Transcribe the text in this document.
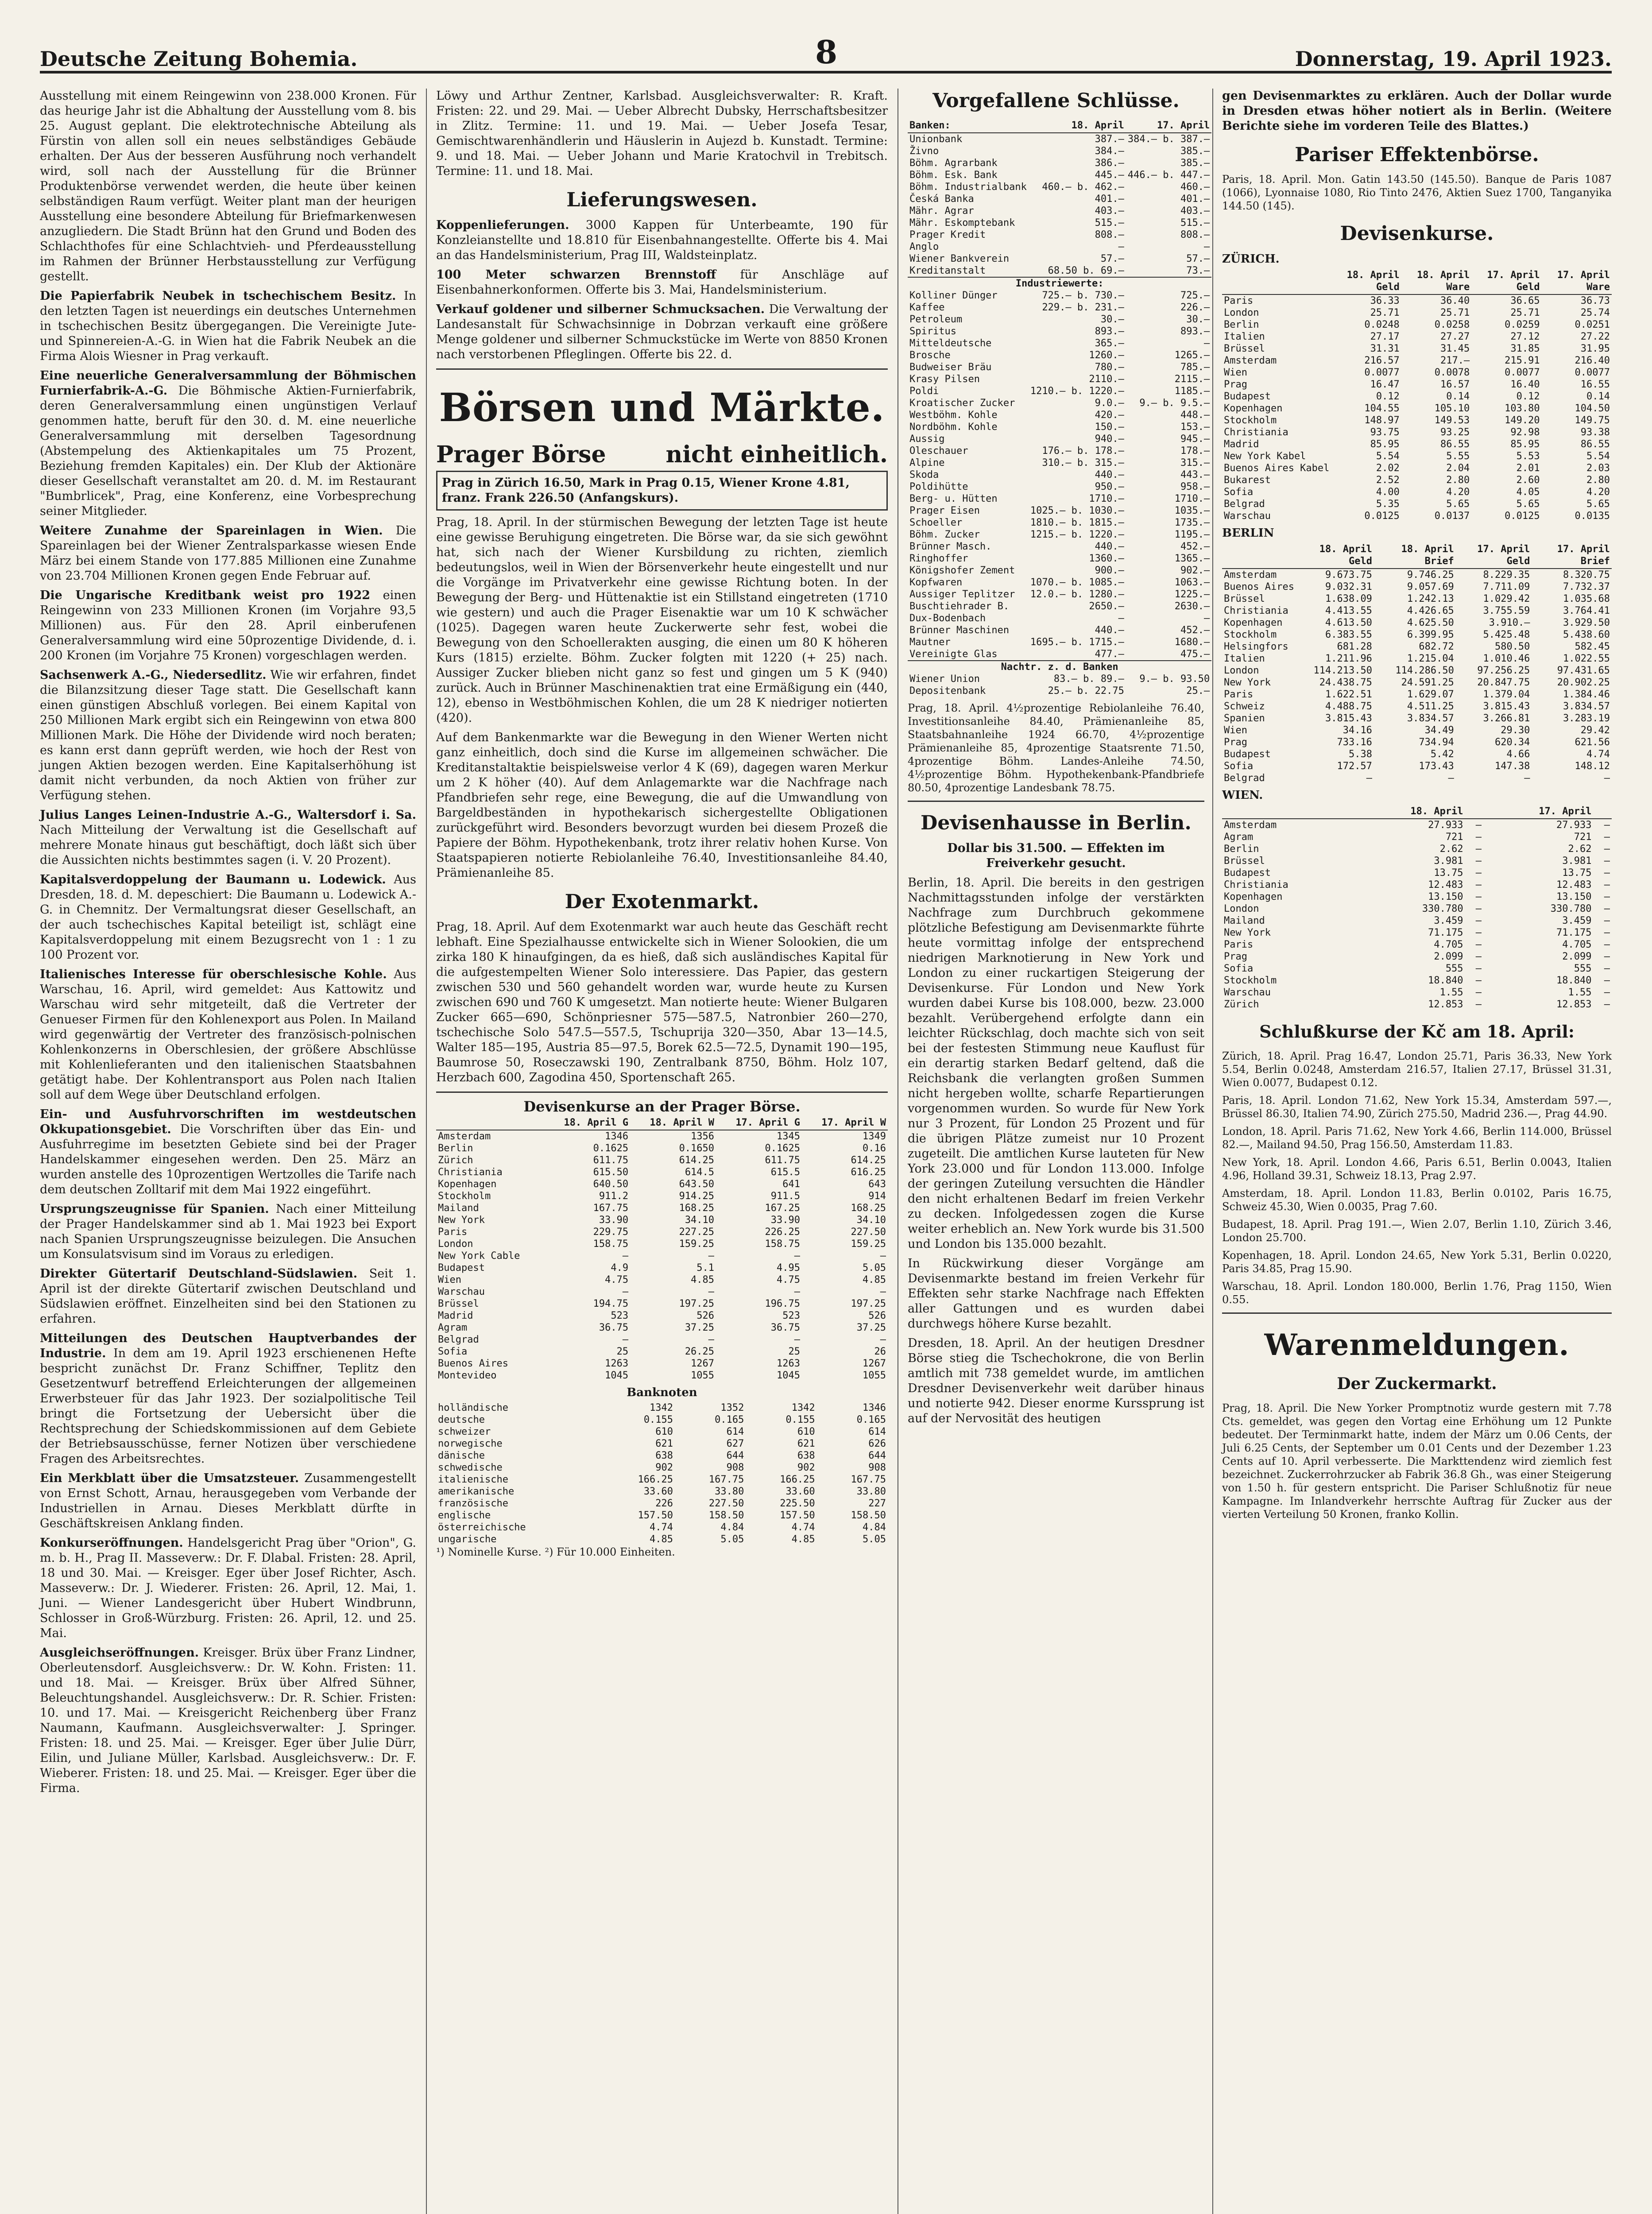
Deutsche Zeitung Bohemia.	8	Donnerstag, 19. April 1923.

Ausstellung mit einem Reingewinn von 238.000 Kronen. Für das heurige Jahr ist die Abhaltung der Ausstellung vom 8. bis 25. August geplant. Die elektrotechnische Abteilung als Fürstin von allen soll ein neues selbständiges Gebäude erhalten. Der Aus der besseren Ausführung noch verhandelt wird, soll nach der Ausstellung für die Brünner Produktenbörse verwendet werden, die heute über keinen selbständigen Raum verfügt. Weiter plant man der heurigen Ausstellung eine besondere Abteilung für Briefmarkenwesen anzugliedern. Die Stadt Brünn hat den Grund und Boden des Schlachthofes für eine Schlachtvieh- und Pferdeausstellung im Rahmen der Brünner Herbstausstellung zur Verfügung gestellt.

Die Papierfabrik Neubek in tschechischem Besitz. In den letzten Tagen ist neuerdings ein deutsches Unternehmen in tschechischen Besitz übergegangen. Die Vereinigte Jute- und Spinnereien-A.-G. in Wien hat die Fabrik Neubek an die Firma Alois Wiesner in Prag verkauft.

Eine neuerliche Generalversammlung der Böhmischen Furnierfabrik-A.-G. Die Böhmische Aktien-Furnierfabrik, deren Generalversammlung einen ungünstigen Verlauf genommen hatte, beruft für den 30. d. M. eine neuerliche Generalversammlung mit derselben Tagesordnung (Abstempelung des Aktienkapitales um 75 Prozent, Beziehung fremden Kapitales) ein. Der Klub der Aktionäre dieser Gesellschaft veranstaltet am 20. d. M. im Restaurant "Bumbrlicek", Prag, eine Konferenz, eine Vorbesprechung seiner Mitglieder.

Weitere Zunahme der Spareinlagen in Wien. Die Spareinlagen bei der Wiener Zentralsparkasse wiesen Ende März bei einem Stande von 177.885 Millionen eine Zunahme von 23.704 Millionen Kronen gegen Ende Februar auf.

Die Ungarische Kreditbank weist pro 1922 einen Reingewinn von 233 Millionen Kronen (im Vorjahre 93,5 Millionen) aus. Für den 28. April einberufenen Generalversammlung wird eine 50prozentige Dividende, d. i. 200 Kronen (im Vorjahre 75 Kronen) vorgeschlagen werden.

Sachsenwerk A.-G., Niedersedlitz. Wie wir erfahren, findet die Bilanzsitzung dieser Tage statt. Die Gesellschaft kann einen günstigen Abschluß vorlegen. Bei einem Kapital von 250 Millionen Mark ergibt sich ein Reingewinn von etwa 800 Millionen Mark. Die Höhe der Dividende wird noch beraten; es kann erst dann geprüft werden, wie hoch der Rest von jungen Aktien bezogen werden. Eine Kapitalserhöhung ist damit nicht verbunden, da noch Aktien von früher zur Verfügung stehen.

Julius Langes Leinen-Industrie A.-G., Waltersdorf i. Sa. Nach Mitteilung der Verwaltung ist die Gesellschaft auf mehrere Monate hinaus gut beschäftigt, doch läßt sich über die Aussichten nichts bestimmtes sagen (i. V. 20 Prozent).

Kapitalsverdoppelung der Baumann u. Lodewick. Aus Dresden, 18. d. M. depeschiert: Die Baumann u. Lodewick A.-G. in Chemnitz. Der Vermaltungsrat dieser Gesellschaft, an der auch tschechisches Kapital beteiligt ist, schlägt eine Kapitalsverdoppelung mit einem Bezugsrecht von 1 : 1 zu 100 Prozent vor.

Italienisches Interesse für oberschlesische Kohle. Aus Warschau, 16. April, wird gemeldet: Aus Kattowitz und Warschau wird sehr mitgeteilt, daß die Vertreter der Genueser Firmen für den Kohlenexport aus Polen. In Mailand wird gegenwärtig der Vertreter des französisch-polnischen Kohlenkonzerns in Oberschlesien, der größere Abschlüsse mit Kohlenlieferanten und den italienischen Staatsbahnen getätigt habe. Der Kohlentransport aus Polen nach Italien soll auf dem Wege über Deutschland erfolgen.

Ein- und Ausfuhrvorschriften im westdeutschen Okkupationsgebiet. Die Vorschriften über das Ein- und Ausfuhrregime im besetzten Gebiete sind bei der Prager Handelskammer eingesehen werden. Den 25. März an wurden anstelle des 10prozentigen Wertzolles die Tarife nach dem deutschen Zolltarif mit dem Mai 1922 eingeführt.

Ursprungszeugnisse für Spanien. Nach einer Mitteilung der Prager Handelskammer sind ab 1. Mai 1923 bei Export nach Spanien Ursprungszeugnisse beizulegen. Die Ansuchen um Konsulatsvisum sind im Voraus zu erledigen.

Direkter Gütertarif Deutschland-Südslawien. Seit 1. April ist der direkte Gütertarif zwischen Deutschland und Südslawien eröffnet. Einzelheiten sind bei den Stationen zu erfahren.

Mitteilungen des Deutschen Hauptverbandes der Industrie. In dem am 19. April 1923 erschienenen Hefte bespricht zunächst Dr. Franz Schiffner, Teplitz den Gesetzentwurf betreffend Erleichterungen der allgemeinen Erwerbsteuer für das Jahr 1923. Der sozialpolitische Teil bringt die Fortsetzung der Uebersicht über die Rechtsprechung der Schiedskommissionen auf dem Gebiete der Betriebsausschüsse, ferner Notizen über verschiedene Fragen des Arbeitsrechtes.

Ein Merkblatt über die Umsatzsteuer. Zusammengestellt von Ernst Schott, Arnau, herausgegeben vom Verbande der Industriellen in Arnau. Dieses Merkblatt dürfte in Geschäftskreisen Anklang finden.

Konkurseröffnungen. Handelsgericht Prag über "Orion", G. m. b. H., Prag II. Masseverw.: Dr. F. Dlabal. Fristen: 28. April, 18 und 30. Mai. — Kreisger. Eger über Josef Richter, Asch. Masseverw.: Dr. J. Wiederer. Fristen: 26. April, 12. Mai, 1. Juni. — Wiener Landesgericht über Hubert Windbrunn, Schlosser in Groß-Würzburg. Fristen: 26. April, 12. und 25. Mai.

Ausgleichseröffnungen. Kreisger. Brüx über Franz Lindner, Oberleutensdorf. Ausgleichsverw.: Dr. W. Kohn. Fristen: 11. und 18. Mai. — Kreisger. Brüx über Alfred Sühner, Beleuchtungshandel. Ausgleichsverw.: Dr. R. Schier. Fristen: 10. und 17. Mai. — Kreisgericht Reichenberg über Franz Naumann, Kaufmann. Ausgleichsverwalter: J. Springer. Fristen: 18. und 25. Mai. — Kreisger. Eger über Julie Dürr, Eilin, und Juliane Müller, Karlsbad. Ausgleichsverw.: Dr. F. Wieberer. Fristen: 18. und 25. Mai. — Kreisger. Eger über die Firma.

Löwy und Arthur Zentner, Karlsbad. Ausgleichsverwalter: R. Kraft. Fristen: 22. und 29. Mai. — Ueber Albrecht Dubsky, Herrschaftsbesitzer in Zlitz. Termine: 11. und 19. Mai. — Ueber Josefa Tesar, Gemischtwarenhändlerin und Häuslerin in Aujezd b. Kunstadt. Termine: 9. und 18. Mai. — Ueber Johann und Marie Kratochvil in Trebitsch. Termine: 11. und 18. Mai.

Lieferungswesen.

Koppenlieferungen. 3000 Kappen für Unterbeamte, 190 für Konzleianstellte und 18.810 für Eisenbahnangestellte. Offerte bis 4. Mai an das Handelsministerium, Prag III, Waldsteinplatz.

100 Meter schwarzen Brennstoff für Anschläge auf Eisenbahnerkonformen. Offerte bis 3. Mai, Handelsministerium.

Verkauf goldener und silberner Schmucksachen. Die Verwaltung der Landesanstalt für Schwachsinnige in Dobrzan verkauft eine größere Menge goldener und silberner Schmuckstücke im Werte von 8850 Kronen nach verstorbenen Pfleglingen. Offerte bis 22. d.

Börsen und Märkte.
Prager Börse	nicht einheitlich.
Prag in Zürich 16.50, Mark in Prag 0.15, Wiener Krone 4.81, franz. Frank 226.50 (Anfangskurs).

Prag, 18. April. In der stürmischen Bewegung der letzten Tage ist heute eine gewisse Beruhigung eingetreten. Die Börse war, da sie sich gewöhnt hat, sich nach der Wiener Kursbildung zu richten, ziemlich bedeutungslos, weil in Wien der Börsenverkehr heute eingestellt und nur die Vorgänge im Privatverkehr eine gewisse Richtung boten. In der Bewegung der Berg- und Hüttenaktie ist ein Stillstand eingetreten (1710 wie gestern) und auch die Prager Eisenaktie war um 10 K schwächer (1025). Dagegen waren heute Zuckerwerte sehr fest, wobei die Bewegung von den Schoellerakten ausging, die einen um 80 K höheren Kurs (1815) erzielte. Böhm. Zucker folgten mit 1220 (+ 25) nach. Aussiger Zucker blieben nicht ganz so fest und gingen um 5 K (940) zurück. Auch in Brünner Maschinenaktien trat eine Ermäßigung ein (440, 12), ebenso in Westböhmischen Kohlen, die um 28 K niedriger notierten (420).

Auf dem Bankenmarkte war die Bewegung in den Wiener Werten nicht ganz einheitlich, doch sind die Kurse im allgemeinen schwächer. Die Kreditanstaltaktie beispielsweise verlor 4 K (69), dagegen waren Merkur um 2 K höher (40). Auf dem Anlagemarkte war die Nachfrage nach Pfandbriefen sehr rege, eine Bewegung, die auf die Umwandlung von Bargeldbeständen in hypothekarisch sichergestellte Obligationen zurückgeführt wird. Besonders bevorzugt wurden bei diesem Prozeß die Papiere der Böhm. Hypothekenbank, trotz ihrer relativ hohen Kurse. Von Staatspapieren notierte Rebiolanleihe 76.40, Investitionsanleihe 84.40, Prämienanleihe 85.

Der Exotenmarkt.

Prag, 18. April. Auf dem Exotenmarkt war auch heute das Geschäft recht lebhaft. Eine Spezialhausse entwickelte sich in Wiener Solookien, die um zirka 180 K hinaufgingen, da es hieß, daß sich ausländisches Kapital für die aufgestempelten Wiener Solo interessiere. Das Papier, das gestern zwischen 530 und 560 gehandelt worden war, wurde heute zu Kursen zwischen 690 und 760 K umgesetzt. Man notierte heute: Wiener Bulgaren Zucker 665—690, Schönpriesner 575—587.5, Natronbier 260—270, tschechische Solo 547.5—557.5, Tschuprija 320—350, Abar 13—14.5, Walter 185—195, Austria 85—97.5, Borek 62.5—72.5, Dynamit 190—195, Baumrose 50, Roseczawski 190, Zentralbank 8750, Böhm. Holz 107, Herzbach 600, Zagodina 450, Sportenschaft 265.

Devisenkurse an der Prager Börse.
	18. April G	18. April W	17. April G	17. April W
Amsterdam	1346	1356	1345	1349
Berlin	0.1625	0.1650	0.1625	0.16
Zürich	611.75	614.25	611.75	614.25
Christiania	615.50	614.5	615.5	616.25
Kopenhagen	640.50	643.50	641	643
Stockholm	911.2	914.25	911.5	914
Mailand	167.75	168.25	167.25	168.25
New York	33.90	34.10	33.90	34.10
Paris	229.75	227.25	226.25	227.50
London	158.75	159.25	158.75	159.25
New York Cable	—	—	—	—
Budapest	4.9	5.1	4.95	5.05
Wien	4.75	4.85	4.75	4.85
Warschau	—	—	—	—
Brüssel	194.75	197.25	196.75	197.25
Madrid	523	526	523	526
Agram	36.75	37.25	36.75	37.25
Belgrad	—	—	—	—
Sofia	25	26.25	25	26
Buenos Aires	1263	1267	1263	1267
Montevideo	1045	1055	1045	1055
Banknoten
holländische	1342	1352	1342	1346
deutsche	0.155	0.165	0.155	0.165
schweizer	610	614	610	614
norwegische	621	627	621	626
dänische	638	644	638	644
schwedische	902	908	902	908
italienische	166.25	167.75	166.25	167.75
amerikanische	33.60	33.80	33.60	33.80
französische	226	227.50	225.50	227
englische	157.50	158.50	157.50	158.50
österreichische	4.74	4.84	4.74	4.84
ungarische	4.85	5.05	4.85	5.05
¹) Nominelle Kurse. ²) Für 10.000 Einheiten.
Vorgefallene Schlüsse.
Banken:	18. April	17. April
Unionbank	387.—	384.— b. 387.—
Živno	384.—	385.—
Böhm. Agrarbank	386.—	385.—
Böhm. Esk. Bank	445.—	446.— b. 447.—
Böhm. Industrialbank	460.— b. 462.—	460.—
Česká Banka	401.—	401.—
Mähr. Agrar	403.—	403.—
Mähr. Eskomptebank	515.—	515.—
Prager Kredit	808.—	808.—
Anglo	—	—
Wiener Bankverein	57.—	57.—
Kreditanstalt	68.50 b. 69.—	73.—
Industriewerte:		
Kolliner Dünger	725.— b. 730.—	725.—
Kaffee	229.— b. 231.—	226.—
Petroleum	30.—	30.—
Spiritus	893.—	893.—
Mitteldeutsche	365.—	—
Brosche	1260.—	1265.—
Budweiser Bräu	780.—	785.—
Krasy Pilsen	2110.—	2115.—
Poldi	1210.— b. 1220.—	1185.—
Kroatischer Zucker	9.0.—	9.— b. 9.5.—
Westböhm. Kohle	420.—	448.—
Nordböhm. Kohle	150.—	153.—
Aussig	940.—	945.—
Oleschauer	176.— b. 178.—	178.—
Alpine	310.— b. 315.—	315.—
Skoda	440.—	443.—
Poldihütte	950.—	958.—
Berg- u. Hütten	1710.—	1710.—
Prager Eisen	1025.— b. 1030.—	1035.—
Schoeller	1810.— b. 1815.—	1735.—
Böhm. Zucker	1215.— b. 1220.—	1195.—
Brünner Masch.	440.—	452.—
Ringhoffer	1360.—	1365.—
Königshofer Zement	900.—	902.—
Kopfwaren	1070.— b. 1085.—	1063.—
Aussiger Teplitzer	12.0.— b. 1280.—	1225.—
Buschtiehrader B.	2650.—	2630.—
Dux-Bodenbach	—	—
Brünner Maschinen	440.—	452.—
Mautner	1695.— b. 1715.—	1680.—
Vereinigte Glas	477.—	475.—
Nachtr. z. d. Banken		
Wiener Union	83.— b. 89.—	9.— b. 93.50
Depositenbank	25.— b. 22.75	25.—

Prag, 18. April. 4½prozentige Rebiolanleihe 76.40, Investitionsanleihe 84.40, Prämienanleihe 85, Staatsbahnanleihe 1924 66.70, 4½prozentige Prämienanleihe 85, 4prozentige Staatsrente 71.50, 4prozentige Böhm. Landes-Anleihe 74.50, 4½prozentige Böhm. Hypothekenbank-Pfandbriefe 80.50, 4prozentige Landesbank 78.75.

Devisenhausse in Berlin.

Dollar bis 31.500. — Effekten im Freiverkehr gesucht.

Berlin, 18. April. Die bereits in den gestrigen Nachmittagsstunden infolge der verstärkten Nachfrage zum Durchbruch gekommene plötzliche Befestigung am Devisenmarkte führte heute vormittag infolge der entsprechend niedrigen Marknotierung in New York und London zu einer ruckartigen Steigerung der Devisenkurse. Für London und New York wurden dabei Kurse bis 108.000, bezw. 23.000 bezahlt. Verübergehend erfolgte dann ein leichter Rückschlag, doch machte sich von seit bei der festesten Stimmung neue Kauflust für ein derartig starken Bedarf geltend, daß die Reichsbank die verlangten großen Summen nicht hergeben wollte, scharfe Repartierungen vorgenommen wurden. So wurde für New York nur 3 Prozent, für London 25 Prozent und für die übrigen Plätze zumeist nur 10 Prozent zugeteilt. Die amtlichen Kurse lauteten für New York 23.000 und für London 113.000. Infolge der geringen Zuteilung versuchten die Händler den nicht erhaltenen Bedarf im freien Verkehr zu decken. Infolgedessen zogen die Kurse weiter erheblich an. New York wurde bis 31.500 und London bis 135.000 bezahlt.

In Rückwirkung dieser Vorgänge am Devisenmarkte bestand im freien Verkehr für Effekten sehr starke Nachfrage nach Effekten aller Gattungen und es wurden dabei durchwegs höhere Kurse bezahlt.

Dresden, 18. April. An der heutigen Dresdner Börse stieg die Tschechokrone, die von Berlin amtlich mit 738 gemeldet wurde, im amtlichen Dresdner Devisenverkehr weit darüber hinaus und notierte 942. Dieser enorme Kurssprung ist auf der Nervosität des heutigen

gen Devisenmarktes zu erklären. Auch der Dollar wurde in Dresden etwas höher notiert als in Berlin. (Weitere Berichte siehe im vorderen Teile des Blattes.)

Pariser Effektenbörse.

Paris, 18. April. Mon. Gatin 143.50 (145.50). Banque de Paris 1087 (1066), Lyonnaise 1080, Rio Tinto 2476, Aktien Suez 1700, Tanganyika 144.50 (145).

Devisenkurse.
ZÜRICH.
	18. April Geld	18. April Ware	17. April Geld	17. April Ware
Paris	36.33	36.40	36.65	36.73
London	25.71	25.71	25.71	25.74
Berlin	0.0248	0.0258	0.0259	0.0251
Italien	27.17	27.27	27.12	27.22
Brüssel	31.31	31.45	31.85	31.95
Amsterdam	216.57	217.—	215.91	216.40
Wien	0.0077	0.0078	0.0077	0.0077
Prag	16.47	16.57	16.40	16.55
Budapest	0.12	0.14	0.12	0.14
Kopenhagen	104.55	105.10	103.80	104.50
Stockholm	148.97	149.53	149.20	149.75
Christiania	93.75	93.25	92.98	93.38
Madrid	85.95	86.55	85.95	86.55
New York Kabel	5.54	5.55	5.53	5.54
Buenos Aires Kabel	2.02	2.04	2.01	2.03
Bukarest	2.52	2.80	2.60	2.80
Sofia	4.00	4.20	4.05	4.20
Belgrad	5.35	5.65	5.65	5.65
Warschau	0.0125	0.0137	0.0125	0.0135
BERLIN
	18. April Geld	18. April Brief	17. April Geld	17. April Brief
Amsterdam	9.673.75	9.746.25	8.229.35	8.320.75
Buenos Aires	9.032.31	9.057.69	7.711.09	7.732.37
Brüssel	1.638.09	1.242.13	1.029.42	1.035.68
Christiania	4.413.55	4.426.65	3.755.59	3.764.41
Kopenhagen	4.613.50	4.625.50	3.910.—	3.929.50
Stockholm	6.383.55	6.399.95	5.425.48	5.438.60
Helsingfors	681.28	682.72	580.50	582.45
Italien	1.211.96	1.215.04	1.010.46	1.022.55
London	114.213.50	114.286.50	97.256.25	97.431.65
New York	24.438.75	24.591.25	20.847.75	20.902.25
Paris	1.622.51	1.629.07	1.379.04	1.384.46
Schweiz	4.488.75	4.511.25	3.815.43	3.834.57
Spanien	3.815.43	3.834.57	3.266.81	3.283.19
Wien	34.16	34.49	29.30	29.42
Prag	733.16	734.94	620.34	621.56
Budapest	5.38	5.42	4.66	4.74
Sofia	172.57	173.43	147.38	148.12
Belgrad	—	—	—	—
WIEN.
	18. April		17. April	
Amsterdam	27.933	—	27.933	—
Agram	721	—	721	—
Berlin	2.62	—	2.62	—
Brüssel	3.981	—	3.981	—
Budapest	13.75	—	13.75	—
Christiania	12.483	—	12.483	—
Kopenhagen	13.150	—	13.150	—
London	330.780	—	330.780	—
Mailand	3.459	—	3.459	—
New York	71.175	—	71.175	—
Paris	4.705	—	4.705	—
Prag	2.099	—	2.099	—
Sofia	555	—	555	—
Stockholm	18.840	—	18.840	—
Warschau	1.55	—	1.55	—
Zürich	12.853	—	12.853	—
Schlußkurse der Kč am 18. April:

Zürich, 18. April. Prag 16.47, London 25.71, Paris 36.33, New York 5.54, Berlin 0.0248, Amsterdam 216.57, Italien 27.17, Brüssel 31.31, Wien 0.0077, Budapest 0.12.

Paris, 18. April. London 71.62, New York 15.34, Amsterdam 597.—, Brüssel 86.30, Italien 74.90, Zürich 275.50, Madrid 236.—, Prag 44.90.

London, 18. April. Paris 71.62, New York 4.66, Berlin 114.000, Brüssel 82.—, Mailand 94.50, Prag 156.50, Amsterdam 11.83.

New York, 18. April. London 4.66, Paris 6.51, Berlin 0.0043, Italien 4.96, Holland 39.31, Schweiz 18.13, Prag 2.97.

Amsterdam, 18. April. London 11.83, Berlin 0.0102, Paris 16.75, Schweiz 45.30, Wien 0.0035, Prag 7.60.

Budapest, 18. April. Prag 191.—, Wien 2.07, Berlin 1.10, Zürich 3.46, London 25.700.

Kopenhagen, 18. April. London 24.65, New York 5.31, Berlin 0.0220, Paris 34.85, Prag 15.90.

Warschau, 18. April. London 180.000, Berlin 1.76, Prag 1150, Wien 0.55.

Warenmeldungen.
Der Zuckermarkt.

Prag, 18. April. Die New Yorker Promptnotiz wurde gestern mit 7.78 Cts. gemeldet, was gegen den Vortag eine Erhöhung um 12 Punkte bedeutet. Der Terminmarkt hatte, indem der März um 0.06 Cents, der Juli 6.25 Cents, der September um 0.01 Cents und der Dezember 1.23 Cents auf 10. April verbesserte. Die Markttendenz wird ziemlich fest bezeichnet. Zuckerrohrzucker ab Fabrik 36.8 Gh., was einer Steigerung von 1.50 h. für gestern entspricht. Die Pariser Schlußnotiz für neue Kampagne. Im Inlandverkehr herrschte Auftrag für Zucker aus der vierten Verteilung 50 Kronen, franko Kollin.
